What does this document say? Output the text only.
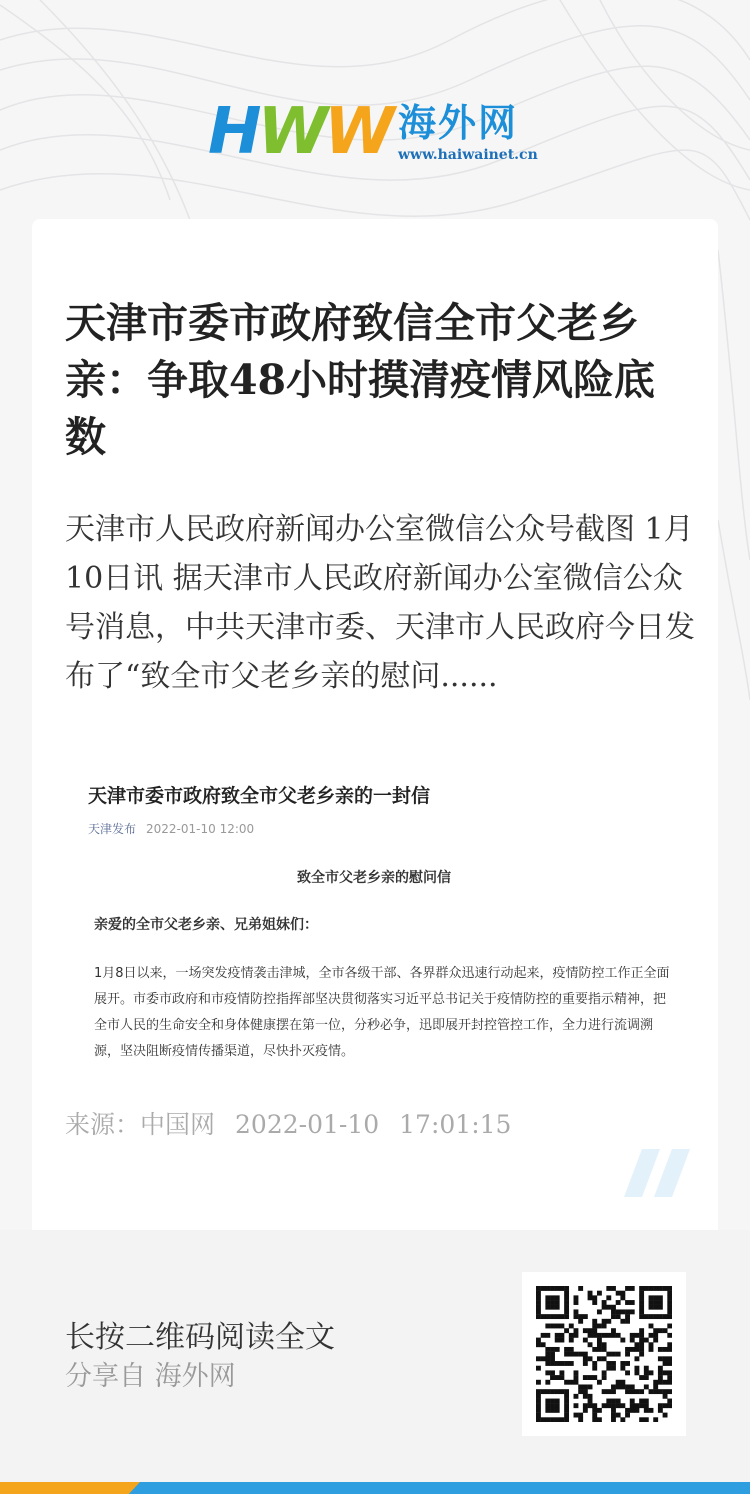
HWW 海外网
www.haiwainet.cn
天津市委市政府致信全市父老乡亲：争取48小时摸清疫情风险底数

天津市人民政府新闻办公室微信公众号截图 1月10日讯 据天津市人民政府新闻办公室微信公众号消息，中共天津市委、天津市人民政府今日发布了“致全市父老乡亲的慰问......

天津市委市政府致全市父老乡亲的一封信
天津发布 2022-01-10 12:00
致全市父老乡亲的慰问信
亲爱的全市父老乡亲、兄弟姐妹们：

1月8日以来，一场突发疫情袭击津城，全市各级干部、各界群众迅速行动起来，疫情防控工作正全面展开。市委市政府和市疫情防控指挥部坚决贯彻落实习近平总书记关于疫情防控的重要指示精神，把全市人民的生命安全和身体健康摆在第一位，分秒必争，迅即展开封控管控工作，全力进行流调溯源，坚决阻断疫情传播渠道，尽快扑灭疫情。

来源：中国网 2022-01-10 17:01:15

长按二维码阅读全文

分享自 海外网
